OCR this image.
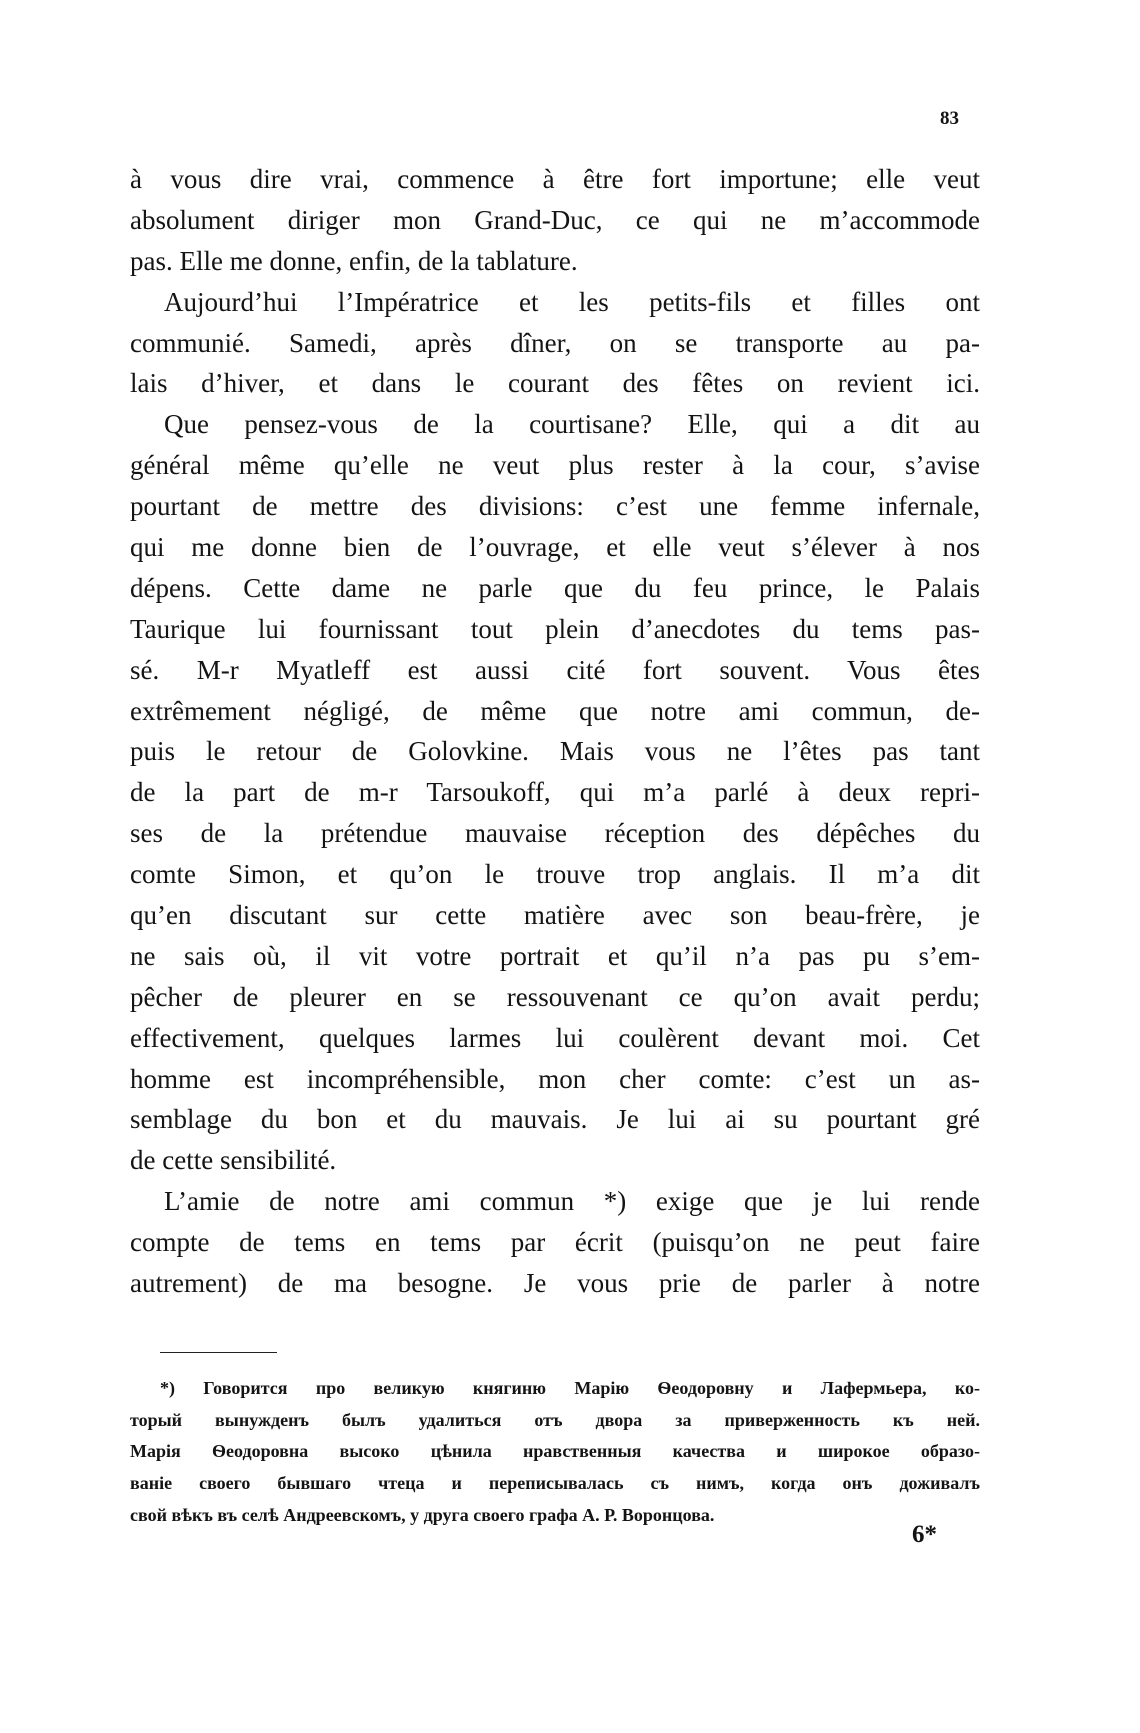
83
à vous dire vrai, commence à être fort importune; elle veut
absolument diriger mon Grand-Duc, ce qui ne m’accommode
pas. Elle me donne, enfin, de la tablature.
Aujourd’hui l’Impératrice et les petits-fils et filles ont
communié. Samedi, après dîner, on se transporte au pa-
lais d’hiver, et dans le courant des fêtes on revient ici.
Que pensez-vous de la courtisane? Elle, qui a dit au
général même qu’elle ne veut plus rester à la cour, s’avise
pourtant de mettre des divisions: c’est une femme infernale,
qui me donne bien de l’ouvrage, et elle veut s’élever à nos
dépens. Cette dame ne parle que du feu prince, le Palais
Taurique lui fournissant tout plein d’anecdotes du tems pas-
sé. M-r Myatleff est aussi cité fort souvent. Vous êtes
extrêmement négligé, de même que notre ami commun, de-
puis le retour de Golovkine. Mais vous ne l’êtes pas tant
de la part de m-r Tarsoukoff, qui m’a parlé à deux repri-
ses de la prétendue mauvaise réception des dépêches du
comte Simon, et qu’on le trouve trop anglais. Il m’a dit
qu’en discutant sur cette matière avec son beau-frère, je
ne sais où, il vit votre portrait et qu’il n’a pas pu s’em-
pêcher de pleurer en se ressouvenant ce qu’on avait perdu;
effectivement, quelques larmes lui coulèrent devant moi. Cet
homme est incompréhensible, mon cher comte: c’est un as-
semblage du bon et du mauvais. Je lui ai su pourtant gré
de cette sensibilité.
L’amie de notre ami commun *) exige que je lui rende
compte de tems en tems par écrit (puisqu’on ne peut faire
autrement) de ma besogne. Je vous prie de parler à notre
*) Говорится про великую княгиню Марію Ѳеодоровну и Лафермьера, ко-
торый вынужденъ былъ удалиться отъ двора за приверженность къ ней.
Марія Ѳеодоровна высоко цѣнила нравственныя качества и широкое образо-
ваніе своего бывшаго чтеца и переписывалась съ нимъ, когда онъ доживалъ
свой вѣкъ въ селѣ Андреевскомъ, у друга своего графа А. Р. Воронцова.
6*
